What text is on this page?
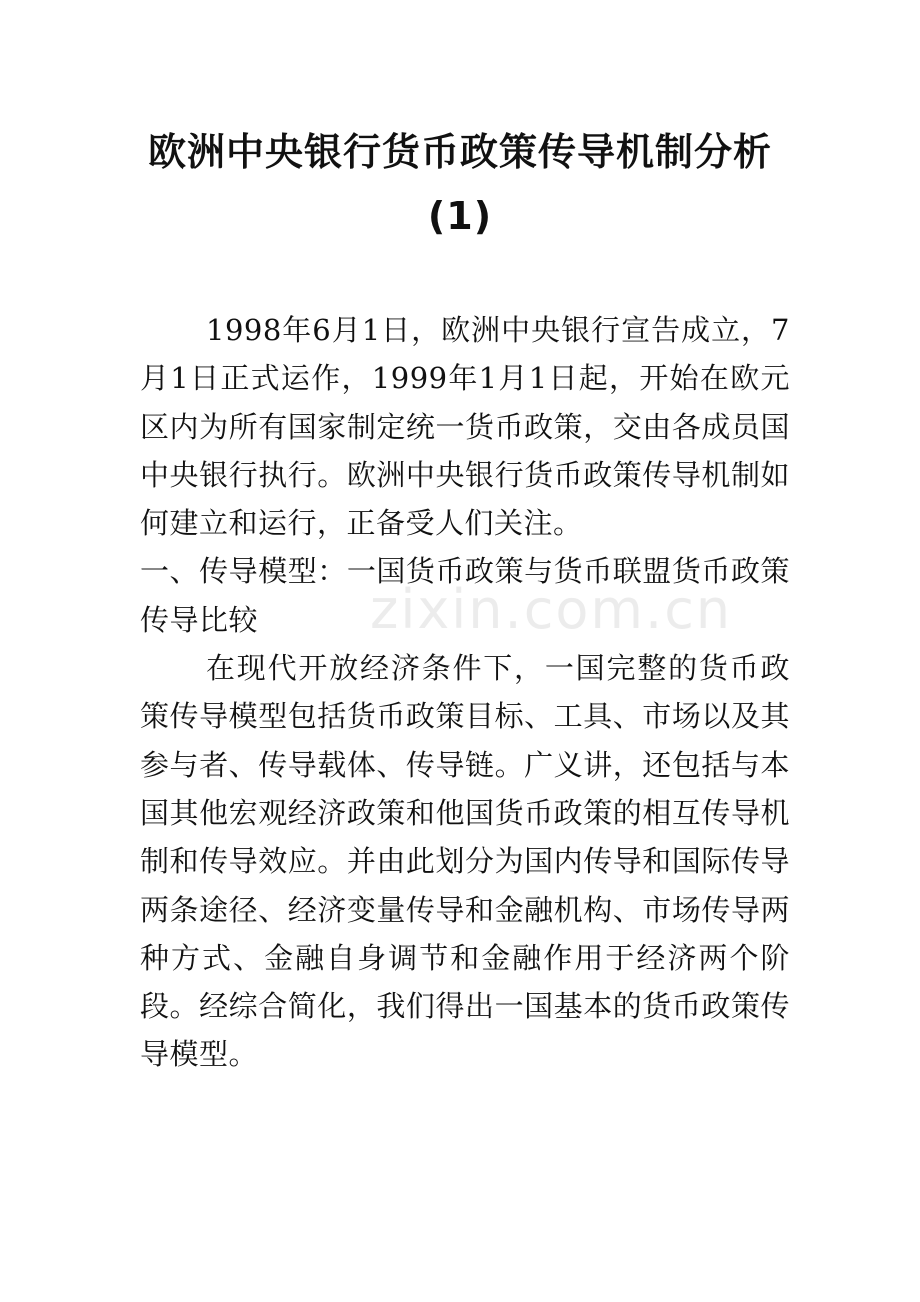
欧洲中央银行货币政策传导机制分析(1)

1998年6月1日，欧洲中央银行宣告成立，7月1日正式运作，1999年1月1日起，开始在欧元区内为所有国家制定统一货币政策，交由各成员国中央银行执行。欧洲中央银行货币政策传导机制如何建立和运行，正备受人们关注。

一、传导模型：一国货币政策与货币联盟货币政策传导比较

在现代开放经济条件下，一国完整的货币政策传导模型包括货币政策目标、工具、市场以及其参与者、传导载体、传导链。广义讲，还包括与本国其他宏观经济政策和他国货币政策的相互传导机制和传导效应。并由此划分为国内传导和国际传导两条途径、经济变量传导和金融机构、市场传导两种方式、金融自身调节和金融作用于经济两个阶段。经综合简化，我们得出一国基本的货币政策传导模型。

zixin.com.cn
